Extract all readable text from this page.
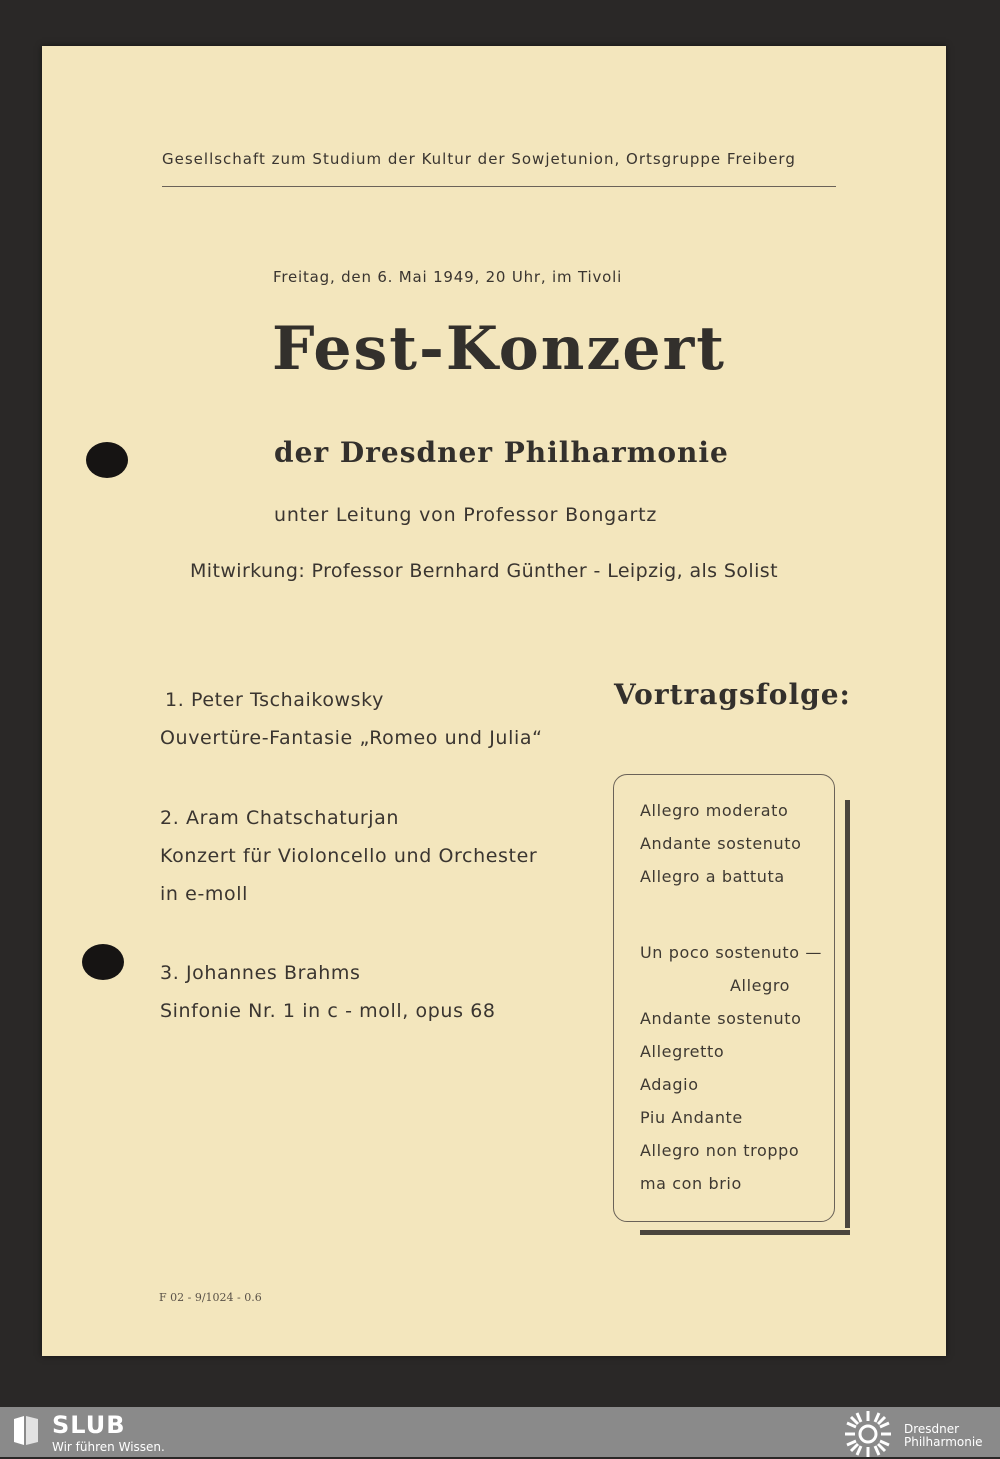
Gesellschaft zum Studium der Kultur der Sowjetunion, Ortsgruppe Freiberg
Freitag, den 6. Mai 1949, 20 Uhr, im Tivoli
Fest-Konzert
der Dresdner Philharmonie
unter Leitung von Professor Bongartz
Mitwirkung: Professor Bernhard Günther - Leipzig, als Solist
Vortragsfolge:
1. Peter Tschaikowsky
Ouvertüre-Fantasie „Romeo und Julia“
2. Aram Chatschaturjan
Konzert für Violoncello und Orchester
in e-moll
3. Johannes Brahms
Sinfonie Nr. 1 in c - moll, opus 68
Allegro moderato
Andante sostenuto
Allegro a battuta
Un poco sostenuto —
Allegro
Andante sostenuto
Allegretto
Adagio
Piu Andante
Allegro non troppo
ma con brio
F 02 - 9/1024 - 0.6
SLUB
Wir führen Wissen.
Dresdner
Philharmonie
